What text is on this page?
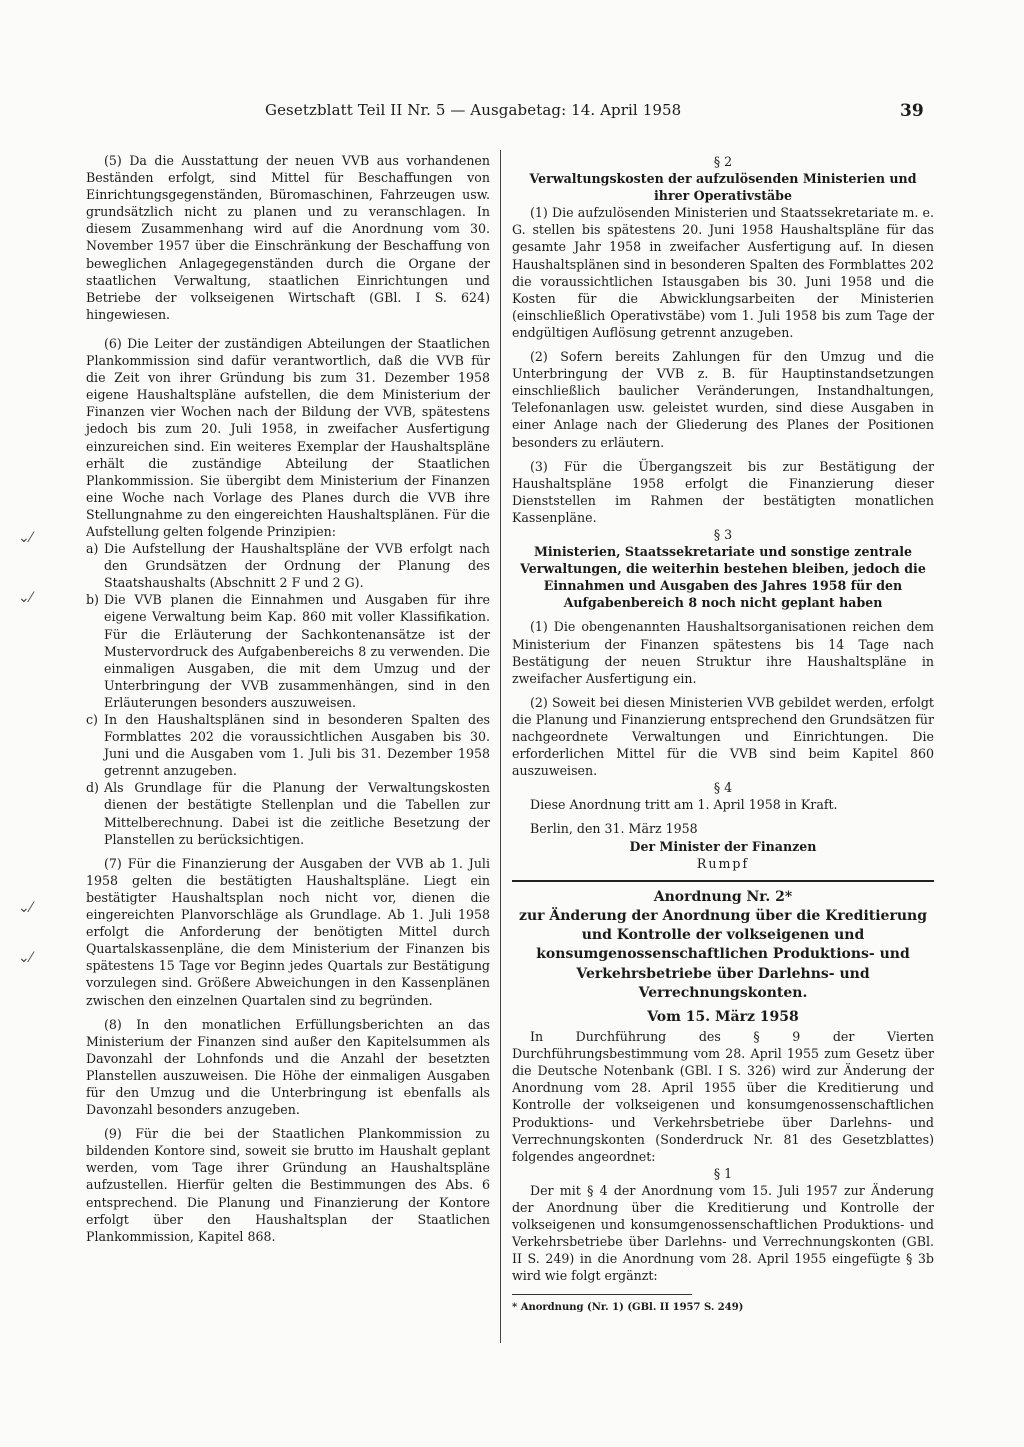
Gesetzblatt Teil II Nr. 5 — Ausgabetag: 14. April 1958	39
⌄⁄
⌄⁄
⌄⁄
⌄⁄

(5) Da die Ausstattung der neuen VVB aus vorhandenen Beständen erfolgt, sind Mittel für Beschaffungen von Einrichtungsgegenständen, Büromaschinen, Fahrzeugen usw. grundsätzlich nicht zu planen und zu veranschlagen. In diesem Zusammenhang wird auf die Anordnung vom 30. November 1957 über die Einschränkung der Beschaffung von beweglichen Anlagegegenständen durch die Organe der staatlichen Verwaltung, staatlichen Einrichtungen und Betriebe der volkseigenen Wirtschaft (GBl. I S. 624) hingewiesen.

(6) Die Leiter der zuständigen Abteilungen der Staatlichen Plankommission sind dafür verantwortlich, daß die VVB für die Zeit von ihrer Gründung bis zum 31. Dezember 1958 eigene Haushaltspläne aufstellen, die dem Ministerium der Finanzen vier Wochen nach der Bildung der VVB, spätestens jedoch bis zum 20. Juli 1958, in zweifacher Ausfertigung einzureichen sind. Ein weiteres Exemplar der Haushaltspläne erhält die zuständige Abteilung der Staatlichen Plankommission. Sie übergibt dem Ministerium der Finanzen eine Woche nach Vorlage des Planes durch die VVB ihre Stellungnahme zu den eingereichten Haushaltsplänen. Für die Aufstellung gelten folgende Prinzipien:

a) Die Aufstellung der Haushaltspläne der VVB erfolgt nach den Grundsätzen der Ordnung der Planung des Staatshaushalts (Abschnitt 2 F und 2 G).
b) Die VVB planen die Einnahmen und Ausgaben für ihre eigene Verwaltung beim Kap. 860 mit voller Klassifikation. Für die Erläuterung der Sachkontenansätze ist der Mustervordruck des Aufgabenbereichs 8 zu verwenden. Die einmaligen Ausgaben, die mit dem Umzug und der Unterbringung der VVB zusammenhängen, sind in den Erläuterungen besonders auszuweisen.
c) In den Haushaltsplänen sind in besonderen Spalten des Formblattes 202 die voraussichtlichen Ausgaben bis 30. Juni und die Ausgaben vom 1. Juli bis 31. Dezember 1958 getrennt anzugeben.
d) Als Grundlage für die Planung der Verwaltungskosten dienen der bestätigte Stellenplan und die Tabellen zur Mittelberechnung. Dabei ist die zeitliche Besetzung der Planstellen zu berücksichtigen.

(7) Für die Finanzierung der Ausgaben der VVB ab 1. Juli 1958 gelten die bestätigten Haushaltspläne. Liegt ein bestätigter Haushaltsplan noch nicht vor, dienen die eingereichten Planvorschläge als Grundlage. Ab 1. Juli 1958 erfolgt die Anforderung der benötigten Mittel durch Quartalskassenpläne, die dem Ministerium der Finanzen bis spätestens 15 Tage vor Beginn jedes Quartals zur Bestätigung vorzulegen sind. Größere Abweichungen in den Kassenplänen zwischen den einzelnen Quartalen sind zu begründen.

(8) In den monatlichen Erfüllungsberichten an das Ministerium der Finanzen sind außer den Kapitelsummen als Davonzahl der Lohnfonds und die Anzahl der besetzten Planstellen auszuweisen. Die Höhe der einmaligen Ausgaben für den Umzug und die Unterbringung ist ebenfalls als Davonzahl besonders anzugeben.

(9) Für die bei der Staatlichen Plankommission zu bildenden Kontore sind, soweit sie brutto im Haushalt geplant werden, vom Tage ihrer Gründung an Haushaltspläne aufzustellen. Hierfür gelten die Bestimmungen des Abs. 6 entsprechend. Die Planung und Finanzierung der Kontore erfolgt über den Haushaltsplan der Staatlichen Plankommission, Kapitel 868.

§ 2

Verwaltungskosten der aufzulösenden Ministerien und ihrer Operativstäbe

(1) Die aufzulösenden Ministerien und Staatssekretariate m. e. G. stellen bis spätestens 20. Juni 1958 Haushaltspläne für das gesamte Jahr 1958 in zweifacher Ausfertigung auf. In diesen Haushaltsplänen sind in besonderen Spalten des Formblattes 202 die voraussichtlichen Istausgaben bis 30. Juni 1958 und die Kosten für die Abwicklungsarbeiten der Ministerien (einschließlich Operativstäbe) vom 1. Juli 1958 bis zum Tage der endgültigen Auflösung getrennt anzugeben.

(2) Sofern bereits Zahlungen für den Umzug und die Unterbringung der VVB z. B. für Hauptinstandsetzungen einschließlich baulicher Veränderungen, Instandhaltungen, Telefonanlagen usw. geleistet wurden, sind diese Ausgaben in einer Anlage nach der Gliederung des Planes der Positionen besonders zu erläutern.

(3) Für die Übergangszeit bis zur Bestätigung der Haushaltspläne 1958 erfolgt die Finanzierung dieser Dienststellen im Rahmen der bestätigten monatlichen Kassenpläne.

§ 3

Ministerien, Staatssekretariate und sonstige zentrale Verwaltungen, die weiterhin bestehen bleiben, jedoch die Einnahmen und Ausgaben des Jahres 1958 für den Aufgabenbereich 8 noch nicht geplant haben

(1) Die obengenannten Haushaltsorganisationen reichen dem Ministerium der Finanzen spätestens bis 14 Tage nach Bestätigung der neuen Struktur ihre Haushaltspläne in zweifacher Ausfertigung ein.

(2) Soweit bei diesen Ministerien VVB gebildet werden, erfolgt die Planung und Finanzierung entsprechend den Grundsätzen für nachgeordnete Verwaltungen und Einrichtungen. Die erforderlichen Mittel für die VVB sind beim Kapitel 860 auszuweisen.

§ 4

Diese Anordnung tritt am 1. April 1958 in Kraft.

Berlin, den 31. März 1958

Der Minister der Finanzen

Rumpf

Anordnung Nr. 2*

zur Änderung der Anordnung über die Kreditierung und Kontrolle der volkseigenen und konsumgenossenschaftlichen Produktions- und Verkehrsbetriebe über Darlehns- und Verrechnungskonten.

Vom 15. März 1958

In Durchführung des § 9 der Vierten Durchführungsbestimmung vom 28. April 1955 zum Gesetz über die Deutsche Notenbank (GBl. I S. 326) wird zur Änderung der Anordnung vom 28. April 1955 über die Kreditierung und Kontrolle der volkseigenen und konsumgenossenschaftlichen Produktions- und Verkehrsbetriebe über Darlehns- und Verrechnungskonten (Sonderdruck Nr. 81 des Gesetzblattes) folgendes angeordnet:

§ 1

Der mit § 4 der Anordnung vom 15. Juli 1957 zur Änderung der Anordnung über die Kreditierung und Kontrolle der volkseigenen und konsumgenossenschaftlichen Produktions- und Verkehrsbetriebe über Darlehns- und Verrechnungskonten (GBl. II S. 249) in die Anordnung vom 28. April 1955 eingefügte § 3b wird wie folgt ergänzt:

* Anordnung (Nr. 1) (GBl. II 1957 S. 249)
